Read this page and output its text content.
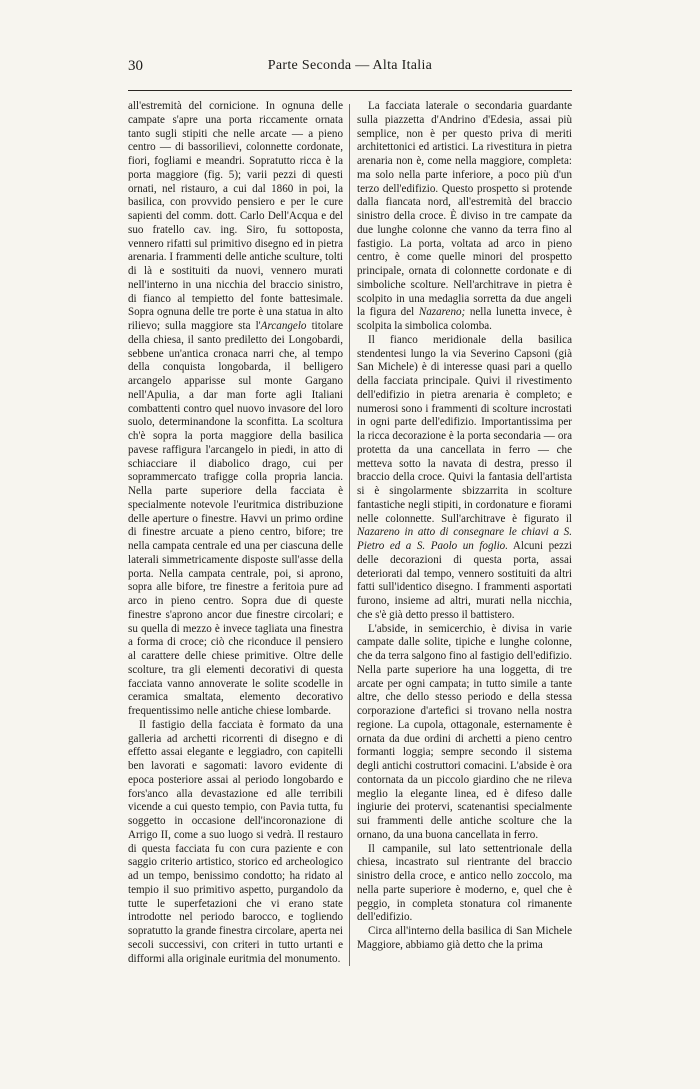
30	Parte Seconda — Alta Italia

all'estremità del cornicione. In ognuna delle campate s'apre una porta riccamente ornata tanto sugli stipiti che nelle arcate — a pieno centro — di bassorilievi, colonnette cordonate, fiori, fogliami e meandri. Sopratutto ricca è la porta maggiore (fig. 5); varii pezzi di questi ornati, nel ristauro, a cui dal 1860 in poi, la basilica, con provvido pensiero e per le cure sapienti del comm. dott. Carlo Dell'Acqua e del suo fratello cav. ing. Siro, fu sottoposta, vennero rifatti sul primitivo disegno ed in pietra arenaria. I frammenti delle antiche sculture, tolti di là e sostituiti da nuovi, vennero murati nell'interno in una nicchia del braccio sinistro, di fianco al tempietto del fonte battesimale. Sopra ognuna delle tre porte è una statua in alto rilievo; sulla maggiore sta l'Arcangelo titolare della chiesa, il santo prediletto dei Longobardi, sebbene un'antica cronaca narri che, al tempo della conquista longobarda, il belligero arcangelo apparisse sul monte Gargano nell'Apulia, a dar man forte agli Italiani combattenti contro quel nuovo invasore del loro suolo, determinandone la sconfitta. La scoltura ch'è sopra la porta maggiore della basilica pavese raffigura l'arcangelo in piedi, in atto di schiacciare il diabolico drago, cui per soprammercato trafigge colla propria lancia. Nella parte superiore della facciata è specialmente notevole l'euritmica distribuzione delle aperture o finestre. Havvi un primo ordine di finestre arcuate a pieno centro, bifore; tre nella campata centrale ed una per ciascuna delle laterali simmetricamente disposte sull'asse della porta. Nella campata centrale, poi, si aprono, sopra alle bifore, tre finestre a feritoia pure ad arco in pieno centro. Sopra due di queste finestre s'aprono ancor due finestre circolari; e su quella di mezzo è invece tagliata una finestra a forma di croce; ciò che riconduce il pensiero al carattere delle chiese primitive. Oltre delle scolture, tra gli elementi decorativi di questa facciata vanno annoverate le solite scodelle in ceramica smaltata, elemento decorativo frequentissimo nelle antiche chiese lombarde.

Il fastigio della facciata è formato da una galleria ad archetti ricorrenti di disegno e di effetto assai elegante e leggiadro, con capitelli ben lavorati e sagomati: lavoro evidente di epoca posteriore assai al periodo longobardo e fors'anco alla devastazione ed alle terribili vicende a cui questo tempio, con Pavia tutta, fu soggetto in occasione dell'incoronazione di Arrigo II, come a suo luogo si vedrà. Il restauro di questa facciata fu con cura paziente e con saggio criterio artistico, storico ed archeologico ad un tempo, benissimo condotto; ha ridato al tempio il suo primitivo aspetto, purgandolo da tutte le superfetazioni che vi erano state introdotte nel periodo barocco, e togliendo sopratutto la grande finestra circolare, aperta nei secoli successivi, con criteri in tutto urtanti e difformi alla originale euritmia del monumento.

La facciata laterale o secondaria guardante sulla piazzetta d'Andrino d'Edesia, assai più semplice, non è per questo priva di meriti architettonici ed artistici. La rivestitura in pietra arenaria non è, come nella maggiore, completa: ma solo nella parte inferiore, a poco più d'un terzo dell'edifizio. Questo prospetto si protende dalla fiancata nord, all'estremità del braccio sinistro della croce. È diviso in tre campate da due lunghe colonne che vanno da terra fino al fastigio. La porta, voltata ad arco in pieno centro, è come quelle minori del prospetto principale, ornata di colonnette cordonate e di simboliche scolture. Nell'architrave in pietra è scolpito in una medaglia sorretta da due angeli la figura del Nazareno; nella lunetta invece, è scolpita la simbolica colomba.

Il fianco meridionale della basilica stendentesi lungo la via Severino Capsoni (già San Michele) è di interesse quasi pari a quello della facciata principale. Quivi il rivestimento dell'edifizio in pietra arenaria è completo; e numerosi sono i frammenti di scolture incrostati in ogni parte dell'edifizio. Importantissima per la ricca decorazione è la porta secondaria — ora protetta da una cancellata in ferro — che metteva sotto la navata di destra, presso il braccio della croce. Quivi la fantasia dell'artista si è singolarmente sbizzarrita in scolture fantastiche negli stipiti, in cordonature e fiorami nelle colonnette. Sull'architrave è figurato il Nazareno in atto di consegnare le chiavi a S. Pietro ed a S. Paolo un foglio. Alcuni pezzi delle decorazioni di questa porta, assai deteriorati dal tempo, vennero sostituiti da altri fatti sull'identico disegno. I frammenti asportati furono, insieme ad altri, murati nella nicchia, che s'è già detto presso il battistero.

L'abside, in semicerchio, è divisa in varie campate dalle solite, tipiche e lunghe colonne, che da terra salgono fino al fastigio dell'edifizio. Nella parte superiore ha una loggetta, di tre arcate per ogni campata; in tutto simile a tante altre, che dello stesso periodo e della stessa corporazione d'artefici si trovano nella nostra regione. La cupola, ottagonale, esternamente è ornata da due ordini di archetti a pieno centro formanti loggia; sempre secondo il sistema degli antichi costruttori comacini. L'abside è ora contornata da un piccolo giardino che ne rileva meglio la elegante linea, ed è difeso dalle ingiurie dei protervi, scatenantisi specialmente sui frammenti delle antiche scolture che la ornano, da una buona cancellata in ferro.

Il campanile, sul lato settentrionale della chiesa, incastrato sul rientrante del braccio sinistro della croce, e antico nello zoccolo, ma nella parte superiore è moderno, e, quel che è peggio, in completa stonatura col rimanente dell'edifizio.

Circa all'interno della basilica di San Michele Maggiore, abbiamo già detto che la prima
